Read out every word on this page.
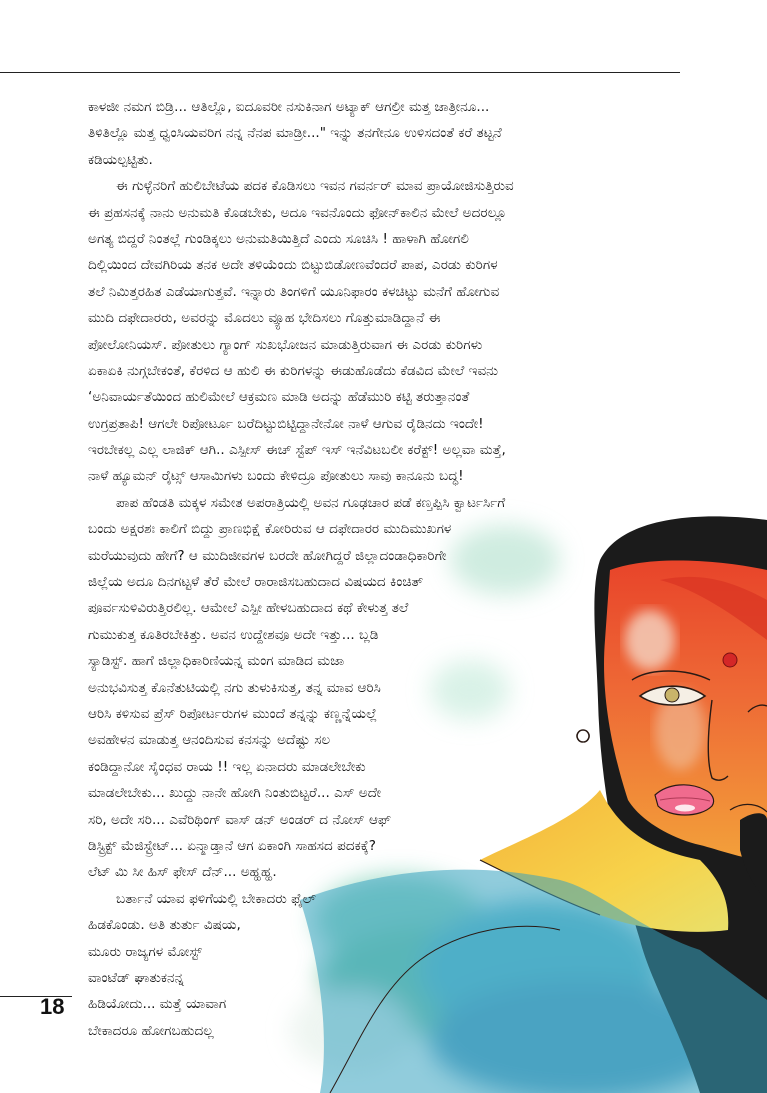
ಕಾಳಜೀ ನಮಗ ಬಿಡ್ರಿ... ಆತಿಲ್ಲೊ, ಐದೂವರೀ ನಸುಕಿನಾಗ ಅಟ್ಯಾಕ್ ಆಗಲ್ರೀ ಮತ್ತ ಜಾತ್ರೀನೂ...
ತಿಳಿತಿಲ್ಲೊ ಮತ್ತ ಧ್ವಂಸಿಯವರಿಗ ನನ್ನ ನೆನಪ ಮಾಡ್ರೀ..." ಇನ್ನು ತನಗೇನೂ ಉಳಿಸದಂತೆ ಕರೆ ತಟ್ಟನೆ
ಕಡಿಯಲ್ಪಟ್ಟಿತು.
ಈ ಗುಳ್ಳೆನರಿಗೆ ಹುಲಿಬೇಟೆಯ ಪದಕ ಕೊಡಿಸಲು ಇವನ ಗವರ್ನರ್ ಮಾವ ಪ್ರಾಯೋಜಿಸುತ್ತಿರುವ
ಈ ಪ್ರಹಸನಕ್ಕೆ ನಾನು ಅನುಮತಿ ಕೊಡಬೇಕು, ಅದೂ ಇವನೊಂದು ಫೋನ್‌ಕಾಲಿನ ಮೇಲೆ ಅದರಲ್ಲೂ
ಅಗತ್ಯ ಬಿದ್ದರೆ ನಿಂತಲ್ಲೆ ಗುಂಡಿಕ್ಕಲು ಅನುಮತಿಯಿತ್ತಿದೆ ಎಂದು ಸೂಚಿಸಿ ! ಹಾಳಾಗಿ ಹೋಗಲಿ
ದಿಲ್ಲಿಯಿಂದ ದೇವಗಿರಿಯ ತನಕ ಅದೇ ತಳಿಯೆಂದು ಬಿಟ್ಟುಬಿಡೋಣವೆಂದರೆ ಪಾಪ, ಎರಡು ಕುರಿಗಳ
ತಲೆ ನಿಮಿತ್ತರಹಿತ ಎಡೆಯಾಗುತ್ತವೆ. ಇನ್ನಾರು ತಿಂಗಳಿಗೆ ಯೂನಿಫಾರಂ ಕಳಚಿಟ್ಟು ಮನೆಗೆ ಹೋಗುವ
ಮುದಿ ದಫೇದಾರರು, ಅವರನ್ನು ಮೊದಲು ವ್ಯೂಹ ಭೇದಿಸಲು ಗೊತ್ತುಮಾಡಿದ್ದಾನೆ ಈ
ಪೋಲೋನಿಯಸ್. ಪೋತುಲು ಗ್ಯಾಂಗ್ ಸುಖಭೋಜನ ಮಾಡುತ್ತಿರುವಾಗ ಈ ಎರಡು ಕುರಿಗಳು
ಏಕಾಏಕಿ ನುಗ್ಗಬೇಕಂತೆ, ಕೆರಳಿದ ಆ ಹುಲಿ ಈ ಕುರಿಗಳನ್ನು ಈಡುಹೊಡೆದು ಕೆಡವಿದ ಮೇಲೆ ಇವನು
‘ಅನಿವಾರ್ಯತೆಯಿಂದ ಹುಲಿಮೇಲೆ ಆಕ್ರಮಣ ಮಾಡಿ ಅದನ್ನು ಹೆಡೆಮುರಿ ಕಟ್ಟಿ ತರುತ್ತಾನಂತೆ
ಉಗ್ರಪ್ರತಾಪಿ! ಆಗಲೇ ರಿಪೋರ್ಟೂ ಬರೆದಿಟ್ಟುಬಿಟ್ಟಿದ್ದಾನೇನೋ ನಾಳೆ ಆಗುವ ರೈಡಿನದು ಇಂದೇ!
ಇರಬೇಕಲ್ಲ ಎಲ್ಲ ಲಾಜಿಕ್ ಆಗಿ.. ಎಸ್ಪೀಸ್ ಈಚ್ ಸ್ಟೆಪ್ ಇಸ್ ಇನೆವಿಟಬಲೀ ಕರೆಕ್ಟ್! ಅಲ್ಲವಾ ಮತ್ತೆ,
ನಾಳೆ ಹ್ಯೂಮನ್ ರೈಟ್ಸ್ ಆಸಾಮಿಗಳು ಬಂದು ಕೇಳಿದ್ರೂ ಪೋತುಲು ಸಾವು ಕಾನೂನು ಬದ್ಧ!
ಪಾಪ ಹೆಂಡತಿ ಮಕ್ಕಳ ಸಮೇತ ಅಪರಾತ್ರಿಯಲ್ಲಿ ಅವನ ಗೂಢಚಾರ ಪಡೆ ಕಣ್ತಪ್ಪಿಸಿ ಕ್ವಾರ್ಟರ್ಸಿಗೆ
ಬಂದು ಅಕ್ಷರಶಃ ಕಾಲಿಗೆ ಬಿದ್ದು ಪ್ರಾಣಭಿಕ್ಷೆ ಕೋರಿರುವ ಆ ದಫೇದಾರರ ಮುದಿಮುಖಗಳ
ಮರೆಯುವುದು ಹೇಗೆ? ಆ ಮುದಿಜೀವಗಳ ಬರದೇ ಹೋಗಿದ್ದರೆ ಜಿಲ್ಲಾದಂಡಾಧಿಕಾರಿಗೇ
ಜಿಲ್ಲೆಯ ಅದೂ ದಿನಗಟ್ಟಳೆ ತೆರೆ ಮೇಲೆ ರಾರಾಜಿಸಬಹುದಾದ ವಿಷಯದ ಕಿಂಚಿತ್
ಪೂರ್ವಸುಳಿವಿರುತ್ತಿರಲಿಲ್ಲ. ಆಮೇಲೆ ಎಸ್ಪೀ ಹೇಳಬಹುದಾದ ಕಥೆ ಕೇಳುತ್ತ ತಲೆ
ಗುಮುಕುತ್ತ ಕೂತಿರಬೇಕಿತ್ತು. ಅವನ ಉದ್ದೇಶವೂ ಅದೇ ಇತ್ತು... ಬ್ಲಡಿ
ಸ್ಯಾಡಿಸ್ಟ್. ಹಾಗೆ ಜಿಲ್ಲಾಧಿಕಾರಿಣಿಯನ್ನ ಮಂಗ ಮಾಡಿದ ಮಜಾ
ಅನುಭವಿಸುತ್ತ ಕೊನೆತುಟಿಯಲ್ಲಿ ನಗು ತುಳುಕಿಸುತ್ತ, ತನ್ನ ಮಾವ ಆರಿಸಿ
ಆರಿಸಿ ಕಳಿಸುವ ಪ್ರೆಸ್ ರಿಪೋರ್ಟರುಗಳ ಮುಂದೆ ತನ್ನನ್ನು ಕಣ್ಣನ್ನೆಯಲ್ಲೆ
ಅವಹೇಳನ ಮಾಡುತ್ತ ಆನಂದಿಸುವ ಕನಸನ್ನು ಅದೆಷ್ಟು ಸಲ
ಕಂಡಿದ್ದಾನೋ ಸೈಂಧವ ರಾಯ !! ಇಲ್ಲ ಏನಾದರು ಮಾಡಲೇಬೇಕು
ಮಾಡಲೇಬೇಕು... ಖುದ್ದು ನಾನೇ ಹೋಗಿ ನಿಂತುಬಿಟ್ಟರೆ... ಎಸ್ ಅದೇ
ಸರಿ, ಅದೇ ಸರಿ... ಎವೆರಿಥಿಂಗ್ ವಾಸ್ ಡನ್ ಅಂಡರ್ ದ ನೋಸ್ ಆಫ್
ಡಿಸ್ಟ್ರಿಕ್ಟ್ ಮೆಜಿಸ್ಟ್ರೇಟ್... ಏನ್ಮಾಡ್ತಾನೆ ಆಗ ಏಕಾಂಗಿ ಸಾಹಸದ ಪದಕಕ್ಕೆ?
ಲೆಟ್ ಮಿ ಸೀ ಹಿಸ್ ಫೇಸ್ ದೆನ್... ಅಹ್ಹಹ್ಹ.
ಬರ್ತಾನೆ ಯಾವ ಫಳಿಗೆಯಲ್ಲಿ ಬೇಕಾದರು ಫೈಲ್
ಹಿಡಕೊಂಡು. ಅತಿ ತುರ್ತು ವಿಷಯ,
ಮೂರು ರಾಜ್ಯಗಳ ಮೋಸ್ಟ್
ವಾಂಟೆಡ್ ಘಾತುಕನನ್ನ
ಹಿಡಿಯೋದು... ಮತ್ತೆ ಯಾವಾಗ
ಬೇಕಾದರೂ ಹೋಗಬಹುದಲ್ಲ
18
